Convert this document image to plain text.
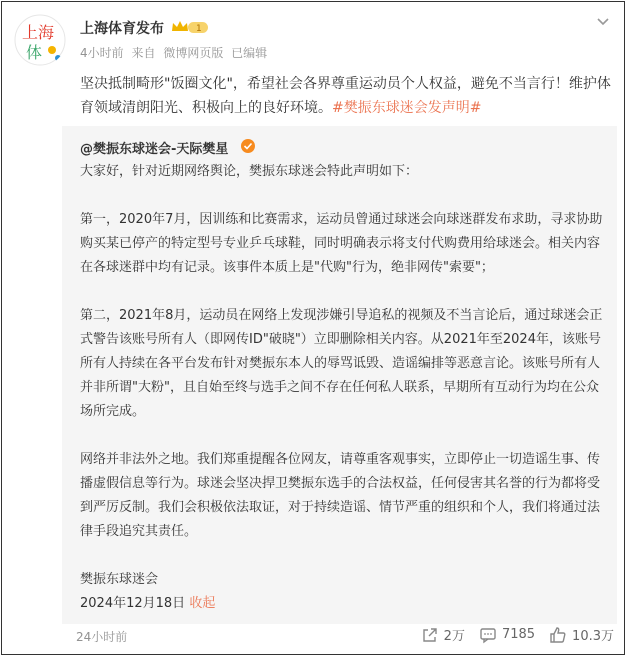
上海
体
上海体育发布	1
4小时前 来自 微博网页版 已编辑
坚决抵制畸形"饭圈文化"，希望社会各界尊重运动员个人权益，避免不当言行！维护体育领域清朗阳光、积极向上的良好环境。#樊振东球迷会发声明#
@樊振东球迷会-天际樊星

大家好，针对近期网络舆论，樊振东球迷会特此声明如下：

第一，2020年7月，因训练和比赛需求，运动员曾通过球迷会向球迷群发布求助，寻求协助购买某已停产的特定型号专业乒乓球鞋，同时明确表示将支付代购费用给球迷会。相关内容在各球迷群中均有记录。该事件本质上是"代购"行为，绝非网传"索要"；

第二，2021年8月，运动员在网络上发现涉嫌引导追私的视频及不当言论后，通过球迷会正式警告该账号所有人（即网传ID"破晓"）立即删除相关内容。从2021年至2024年，该账号所有人持续在各平台发布针对樊振东本人的辱骂诋毁、造谣编排等恶意言论。该账号所有人并非所谓"大粉"，且自始至终与选手之间不存在任何私人联系，早期所有互动行为均在公众场所完成。

网络并非法外之地。我们郑重提醒各位网友，请尊重客观事实，立即停止一切造谣生事、传播虚假信息等行为。球迷会坚决捍卫樊振东选手的合法权益，任何侵害其名誉的行为都将受到严厉反制。我们会积极依法取证，对于持续造谣、情节严重的组织和个人，我们将通过法律手段追究其责任。

樊振东球迷会

2024年12月18日 收起

24小时前	2万	7185	10.3万
